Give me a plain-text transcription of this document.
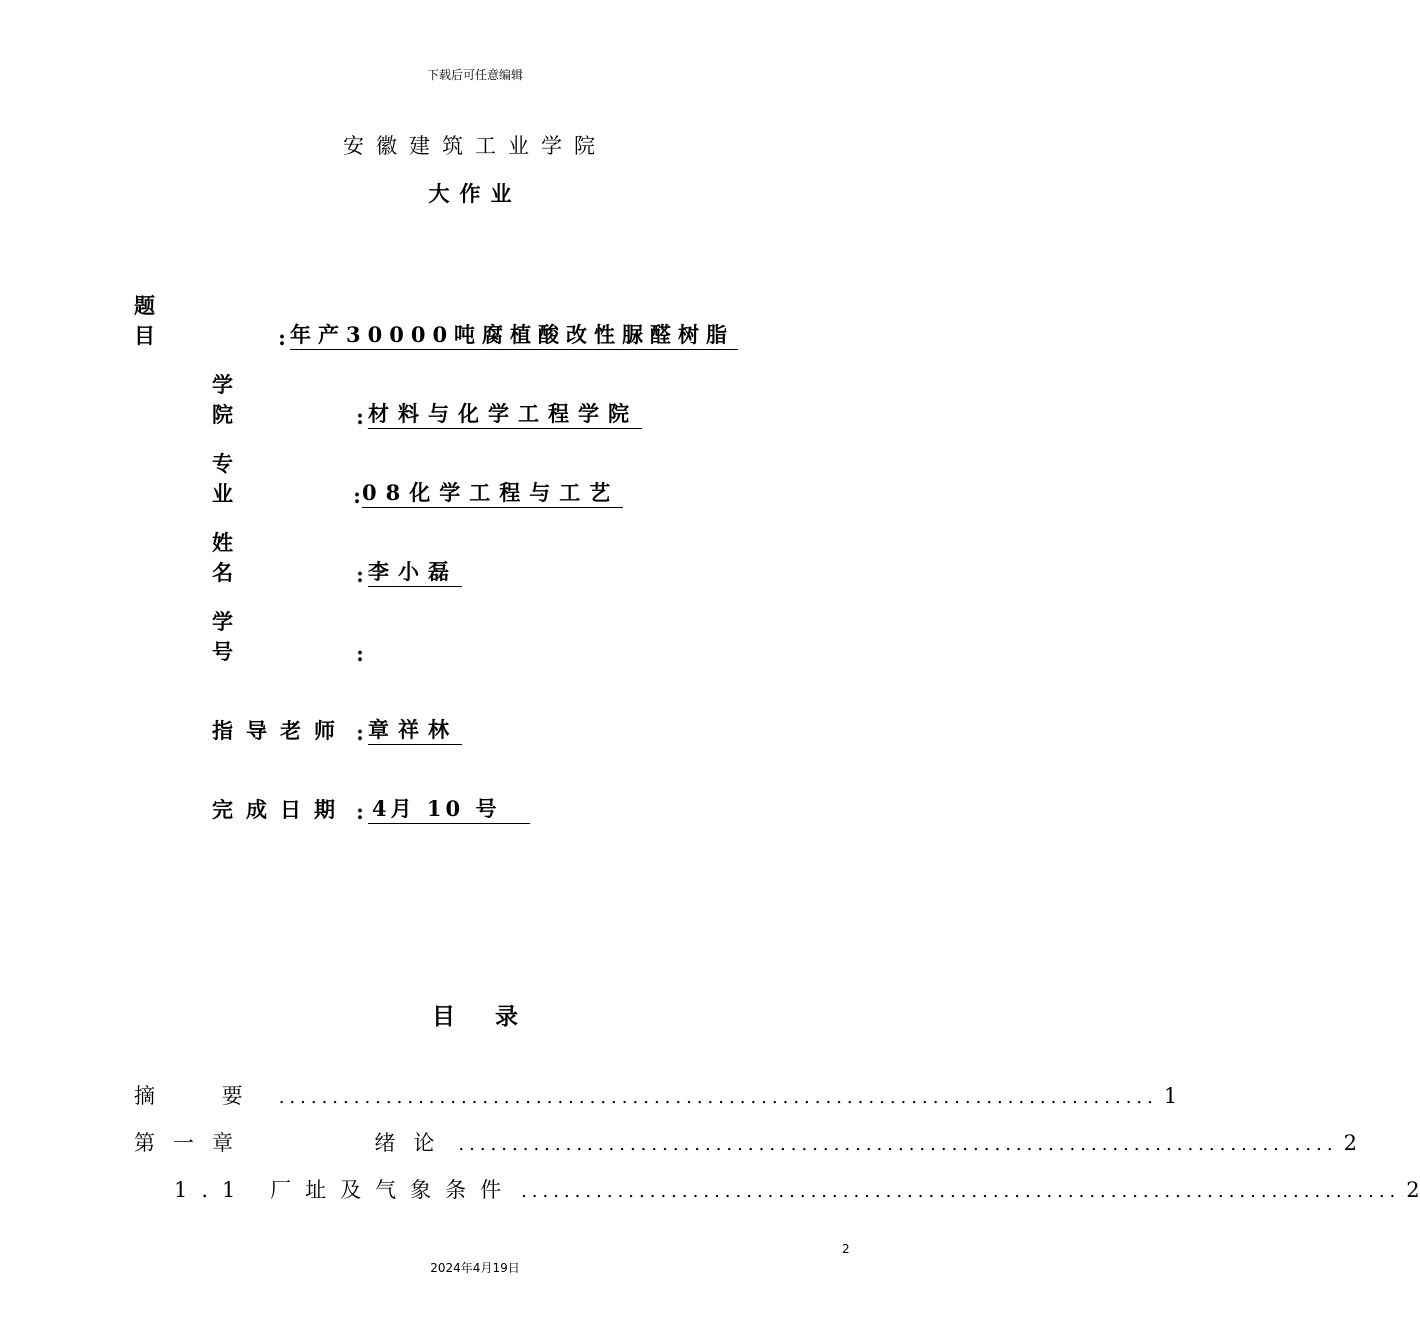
下载后可任意编辑
安徽建筑工业学院
大作业
题目 : 年产30000吨腐植酸改性脲醛树脂
学院	: 材料与化学工程学院
专业	: 08化学工程与工艺
姓名	: 李小磊
学号	:
指导老师 : 章祥林
完成日期 : 4月 10 号
目录
摘 要 .................................................................................. 1
第一章     绪论 .................................................................................. 2
1.1 厂址及气象条件 .................................................................................. 2
2
2024年4月19日
